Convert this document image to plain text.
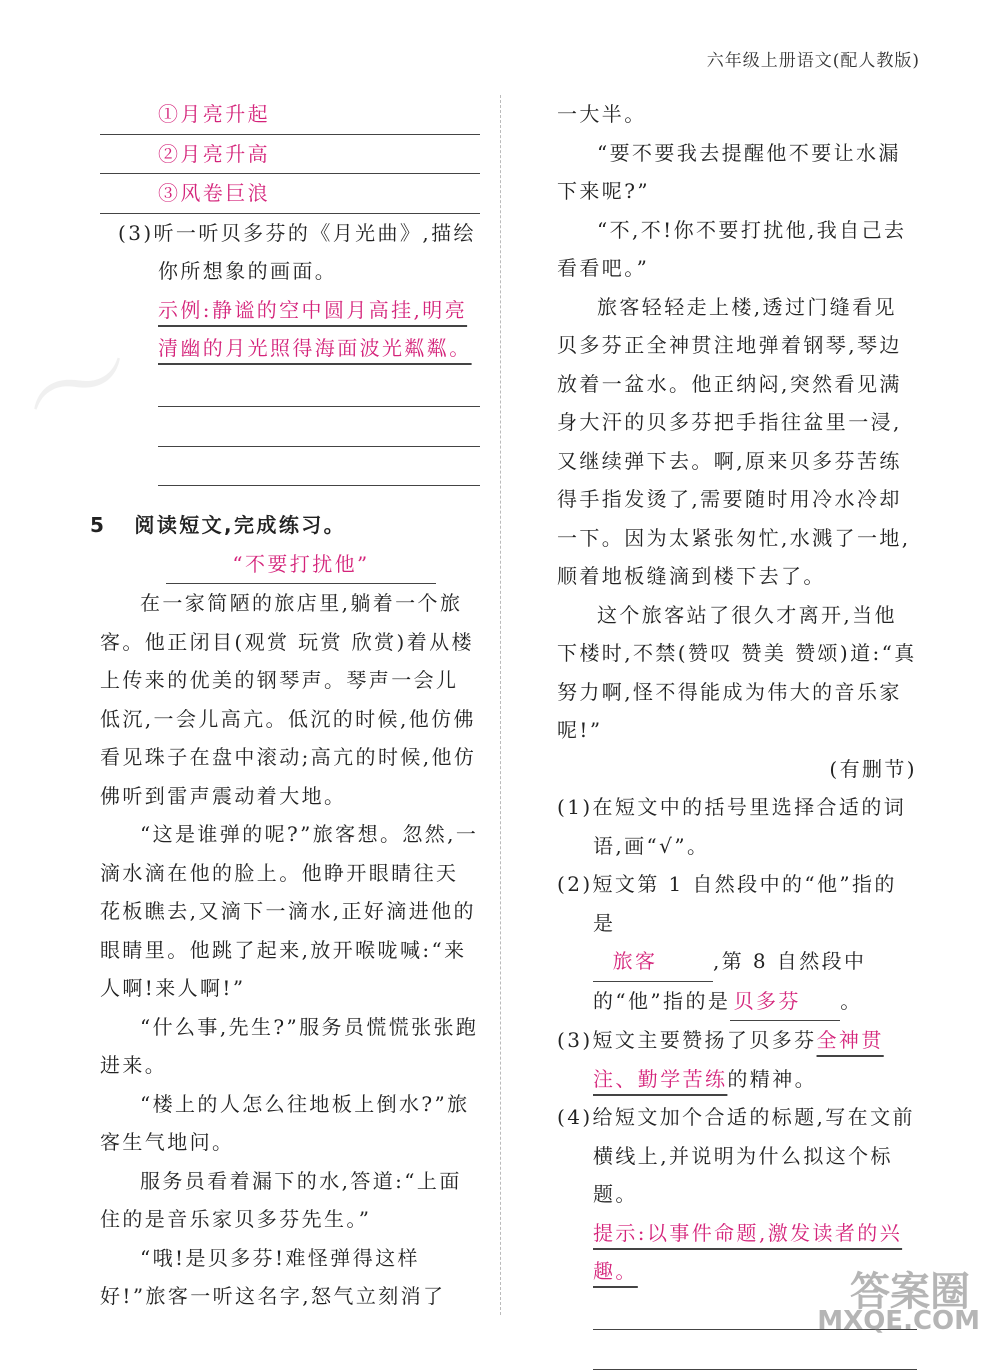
〜
六年级上册语文(配人教版)
①月亮升起
②月亮升高
③风卷巨浪
(3)听一听贝多芬的《月光曲》,描绘你所想象的画面。
示例:静谧的空中圆月高挂,明亮清幽的月光照得海面波光粼粼。
5 阅读短文,完成练习。
“不要打扰他”
在一家简陋的旅店里,躺着一个旅客。他正闭目(观赏 玩赏 欣赏)着从楼上传来的优美的钢琴声。琴声一会儿低沉,一会儿高亢。低沉的时候,他仿佛看见珠子在盘中滚动;高亢的时候,他仿佛听到雷声震动着大地。
“这是谁弹的呢?”旅客想。忽然,一滴水滴在他的脸上。他睁开眼睛往天花板瞧去,又滴下一滴水,正好滴进他的眼睛里。他跳了起来,放开喉咙喊:“来人啊!来人啊!”
“什么事,先生?”服务员慌慌张张跑进来。
“楼上的人怎么往地板上倒水?”旅客生气地问。
服务员看着漏下的水,答道:“上面住的是音乐家贝多芬先生。”
“哦!是贝多芬!难怪弹得这样好!”旅客一听这名字,怒气立刻消了
一大半。
“要不要我去提醒他不要让水漏下来呢?”
“不,不!你不要打扰他,我自己去看看吧。”
旅客轻轻走上楼,透过门缝看见贝多芬正全神贯注地弹着钢琴,琴边放着一盆水。他正纳闷,突然看见满身大汗的贝多芬把手指往盆里一浸,又继续弹下去。啊,原来贝多芬苦练得手指发烫了,需要随时用冷水冷却一下。因为太紧张匆忙,水溅了一地,顺着地板缝滴到楼下去了。
这个旅客站了很久才离开,当他下楼时,不禁(赞叹 赞美 赞颂)道:“真努力啊,怪不得能成为伟大的音乐家呢!”
(有删节)
(1)在短文中的括号里选择合适的词语,画“√”。
(2)短文第 1 自然段中的“他”指的是
旅客	,第 8 自然段中的“他”指的是 贝多芬 。
(3)短文主要赞扬了贝多芬全神贯注、勤学苦练的精神。
(4)给短文加个合适的标题,写在文前横线上,并说明为什么拟这个标题。
提示:以事件命题,激发读者的兴趣。	答案圈
MXQE.COM
